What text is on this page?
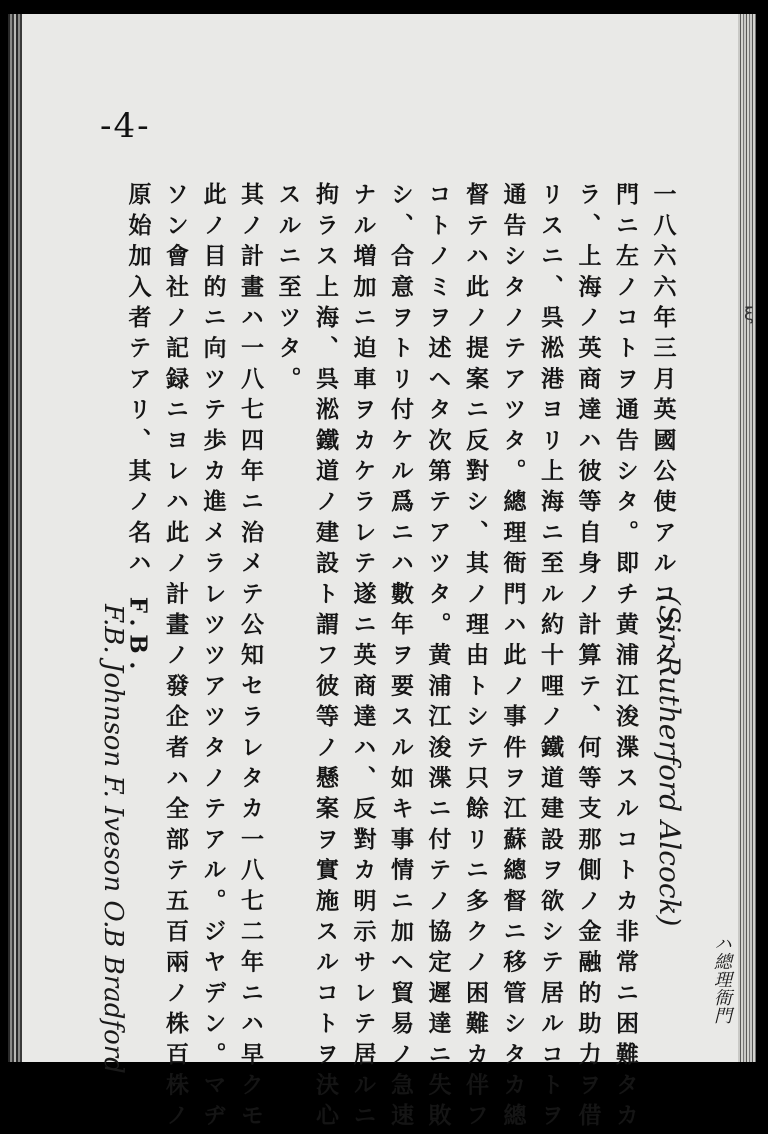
-4-
一八六六年三月英國公使アルコツク
門ニ左ノコトヲ通告シタ。即チ黄浦江浚渫スルコトカ非常ニ困難タカ
ラ、上海ノ英商達ハ彼等自身ノ計算テ、何等支那側ノ金融的助力ヲ借
リスニ、呉淞港ヨリ上海ニ至ル約十哩ノ鐵道建設ヲ欲シテ居ルコトヲ
通告シタノテアツタ。總理衙門ハ此ノ事件ヲ江蘇總督ニ移管シタカ總
督テハ此ノ提案ニ反對シ、其ノ理由トシテ只餘リニ多クノ困難カ伴フ
コトノミヲ述ヘタ次第テアツタ。黄浦江浚渫ニ付テノ協定遲達ニ失敗
シ、合意ヲトリ付ケル爲ニハ數年ヲ要スル如キ事情ニ加ヘ貿易ノ急速
ナル増加ニ迫車ヲカケラレテ遂ニ英商達ハ、反對カ明示サレテ居ルニ
拘ラス上海、呉淞鐵道ノ建設ト謂フ彼等ノ懸案ヲ實施スルコトヲ決心
スルニ至ツタ。
其ノ計畫ハ一八七四年ニ治メテ公知セラレタカ一八七二年ニハ早クモ
此ノ目的ニ向ツテ歩カ進メラレツツアツタノテアル。ジヤデン。マヂ
ソン會社ノ記録ニヨレハ此ノ計畫ノ發企者ハ全部テ五百兩ノ株百株ノ
原始加入者テアリ、其ノ名ハ F.B.
(Sir Rutherford Alcock)
F.B. Johnson F. Iveson O.B Bradford	ハ總理衙門
ξ
